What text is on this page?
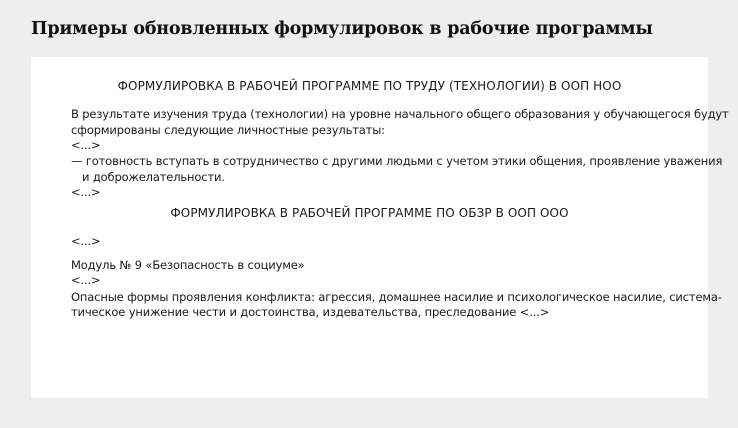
Примеры обновленных формулировок в рабочие программы
ФОРМУЛИРОВКА В РАБОЧЕЙ ПРОГРАММЕ ПО ТРУДУ (ТЕХНОЛОГИИ) В ООП НОО
В результате изучения труда (технологии) на уровне начального общего образования у обучающегося будут
сформированы следующие личностные результаты:
<...>
— готовность вступать в сотрудничество с другими людьми с учетом этики общения, проявление уважения
и доброжелательности.
<...>
ФОРМУЛИРОВКА В РАБОЧЕЙ ПРОГРАММЕ ПО ОБЗР В ООП ООО
<...>
Модуль № 9 «Безопасность в социуме»
<...>
Опасные формы проявления конфликта: агрессия, домашнее насилие и психологическое насилие, системa-
тическое унижение чести и достоинства, издевательства, преследование <...>
